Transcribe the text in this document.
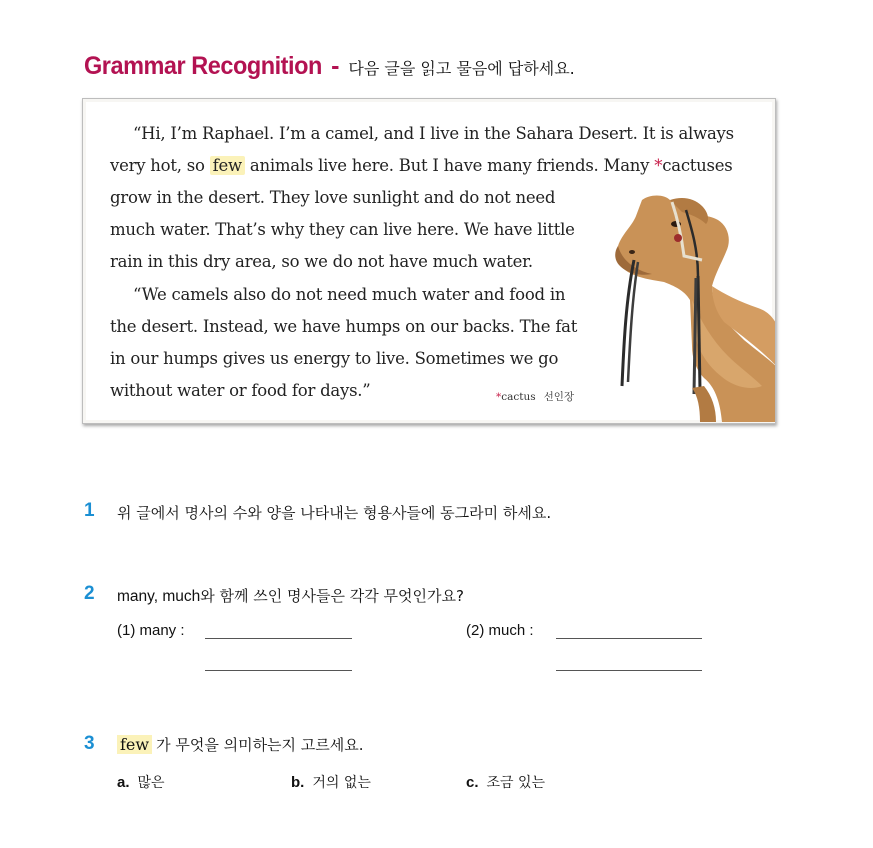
Grammar Recognition - 다음 글을 읽고 물음에 답하세요.
“Hi, I’m Raphael. I’m a camel, and I live in the Sahara Desert. It is always
very hot, so few animals live here. But I have many friends. Many *cactuses
grow in the desert. They love sunlight and do not need
much water. That’s why they can live here. We have little
rain in this dry area, so we do not have much water.
“We camels also do not need much water and food in
the desert. Instead, we have humps on our backs. The fat
in our humps gives us energy to live. Sometimes we go
without water or food for days.”	*cactus 선인장
1 위 글에서 명사의 수와 양을 나타내는 형용사들에 동그라미 하세요.
2 many, much와 함께 쓰인 명사들은 각각 무엇인가요?
(1) many :	(2) much :
3 few 가 무엇을 의미하는지 고르세요.
a. 많은	b. 거의 없는	c. 조금 있는
